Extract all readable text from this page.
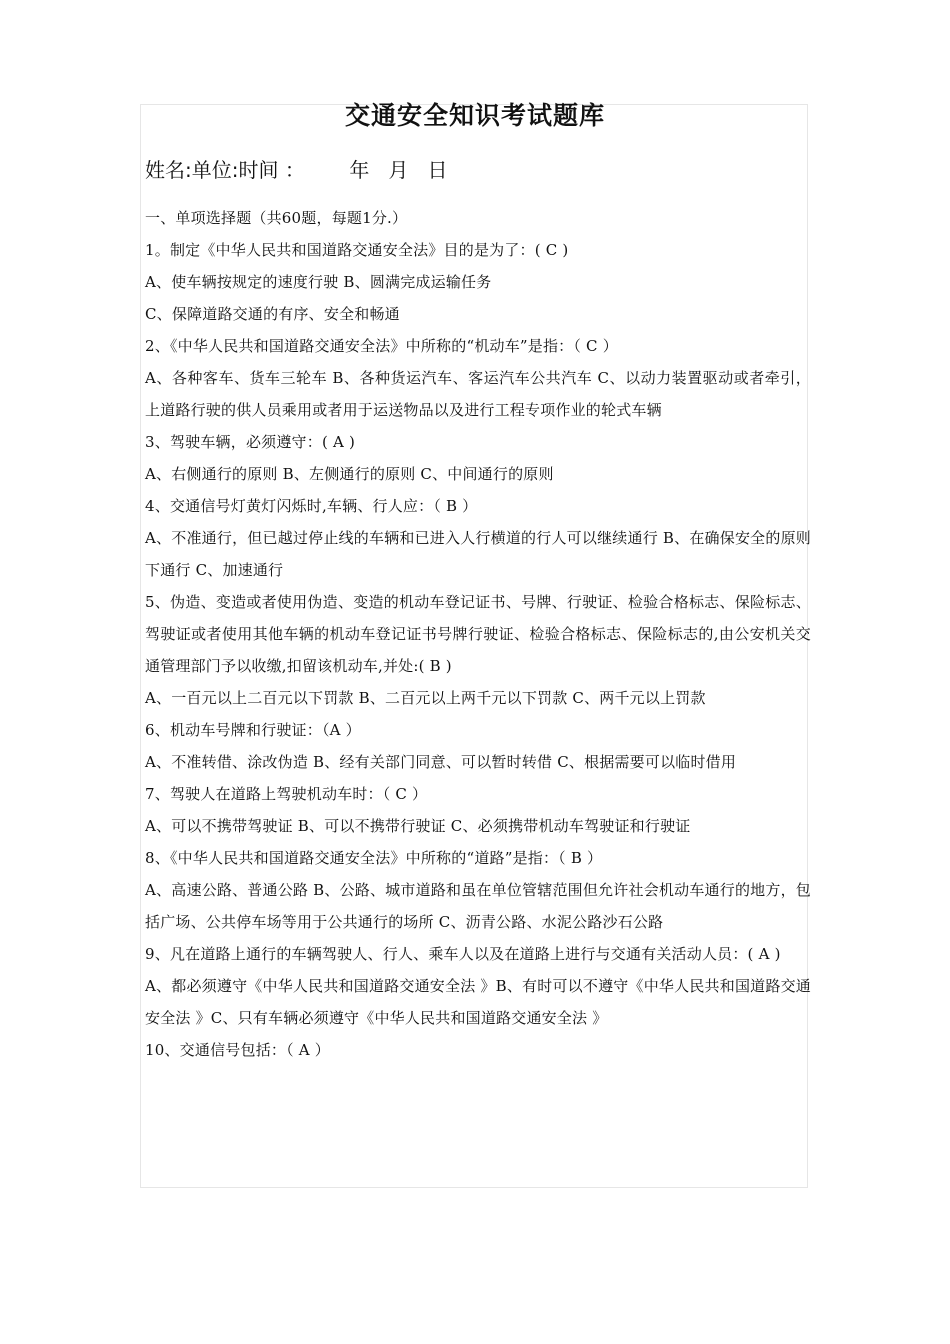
交通安全知识考试题库
姓名:单位:时间 ：       年   月   日

一、单项选择题（共60题，每题1分.）

1。制定《中华人民共和国道路交通安全法》目的是为了：( C )

A、使车辆按规定的速度行驶 B、圆满完成运输任务

C、保障道路交通的有序、安全和畅通

2、《中华人民共和国道路交通安全法》中所称的“机动车”是指：（ C ）

A、各种客车、货车三轮车 B、各种货运汽车、客运汽车公共汽车 C、以动力装置驱动或者牵引，上道路行驶的供人员乘用或者用于运送物品以及进行工程专项作业的轮式车辆

3、驾驶车辆，必须遵守：( A )

A、右侧通行的原则 B、左侧通行的原则 C、中间通行的原则

4、交通信号灯黄灯闪烁时,车辆、行人应：（ B ）

A、不准通行，但已越过停止线的车辆和已进入人行横道的行人可以继续通行 B、在确保安全的原则下通行 C、加速通行

5、伪造、变造或者使用伪造、变造的机动车登记证书、号牌、行驶证、检验合格标志、保险标志、驾驶证或者使用其他车辆的机动车登记证书号牌行驶证、检验合格标志、保险标志的,由公安机关交通管理部门予以收缴,扣留该机动车,并处:( B )

A、一百元以上二百元以下罚款 B、二百元以上两千元以下罚款 C、两千元以上罚款

6、机动车号牌和行驶证：（A ）

A、不准转借、涂改伪造 B、经有关部门同意、可以暂时转借 C、根据需要可以临时借用

7、驾驶人在道路上驾驶机动车时：（ C ）

A、可以不携带驾驶证 B、可以不携带行驶证 C、必须携带机动车驾驶证和行驶证

8、《中华人民共和国道路交通安全法》中所称的“道路”是指：（ B ）

A、高速公路、普通公路 B、公路、城市道路和虽在单位管辖范围但允许社会机动车通行的地方，包括广场、公共停车场等用于公共通行的场所 C、沥青公路、水泥公路沙石公路

9、凡在道路上通行的车辆驾驶人、行人、乘车人以及在道路上进行与交通有关活动人员：( A )

A、都必须遵守《中华人民共和国道路交通安全法 》B、有时可以不遵守《中华人民共和国道路交通安全法 》C、只有车辆必须遵守《中华人民共和国道路交通安全法 》

10、交通信号包括：（ A ）
